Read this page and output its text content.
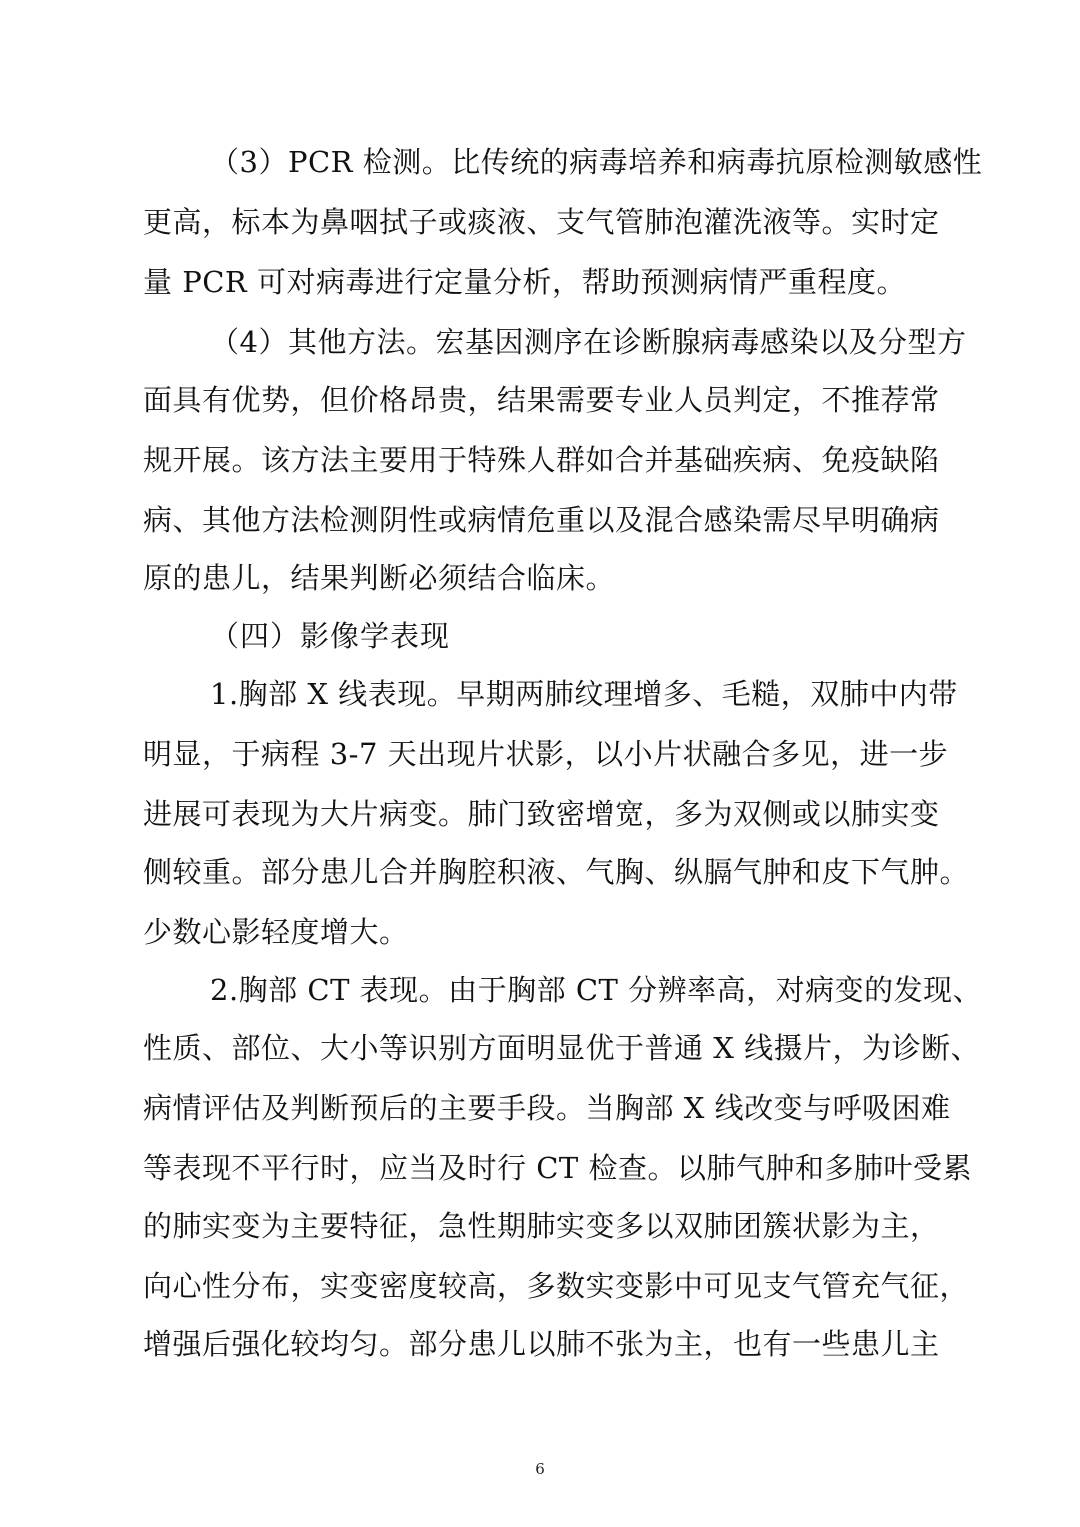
（3）PCR 检测。比传统的病毒培养和病毒抗原检测敏感性
更高，标本为鼻咽拭子或痰液、支气管肺泡灌洗液等。实时定
量 PCR 可对病毒进行定量分析，帮助预测病情严重程度。
（4）其他方法。宏基因测序在诊断腺病毒感染以及分型方
面具有优势，但价格昂贵，结果需要专业人员判定，不推荐常
规开展。该方法主要用于特殊人群如合并基础疾病、免疫缺陷
病、其他方法检测阴性或病情危重以及混合感染需尽早明确病
原的患儿，结果判断必须结合临床。
（四）影像学表现
1.胸部 X 线表现。早期两肺纹理增多、毛糙，双肺中内带
明显，于病程 3-7 天出现片状影，以小片状融合多见，进一步
进展可表现为大片病变。肺门致密增宽，多为双侧或以肺实变
侧较重。部分患儿合并胸腔积液、气胸、纵膈气肿和皮下气肿。
少数心影轻度增大。
2.胸部 CT 表现。由于胸部 CT 分辨率高，对病变的发现、
性质、部位、大小等识别方面明显优于普通 X 线摄片，为诊断、
病情评估及判断预后的主要手段。当胸部 X 线改变与呼吸困难
等表现不平行时，应当及时行 CT 检查。以肺气肿和多肺叶受累
的肺实变为主要特征，急性期肺实变多以双肺团簇状影为主，
向心性分布，实变密度较高，多数实变影中可见支气管充气征，
增强后强化较均匀。部分患儿以肺不张为主，也有一些患儿主
6
